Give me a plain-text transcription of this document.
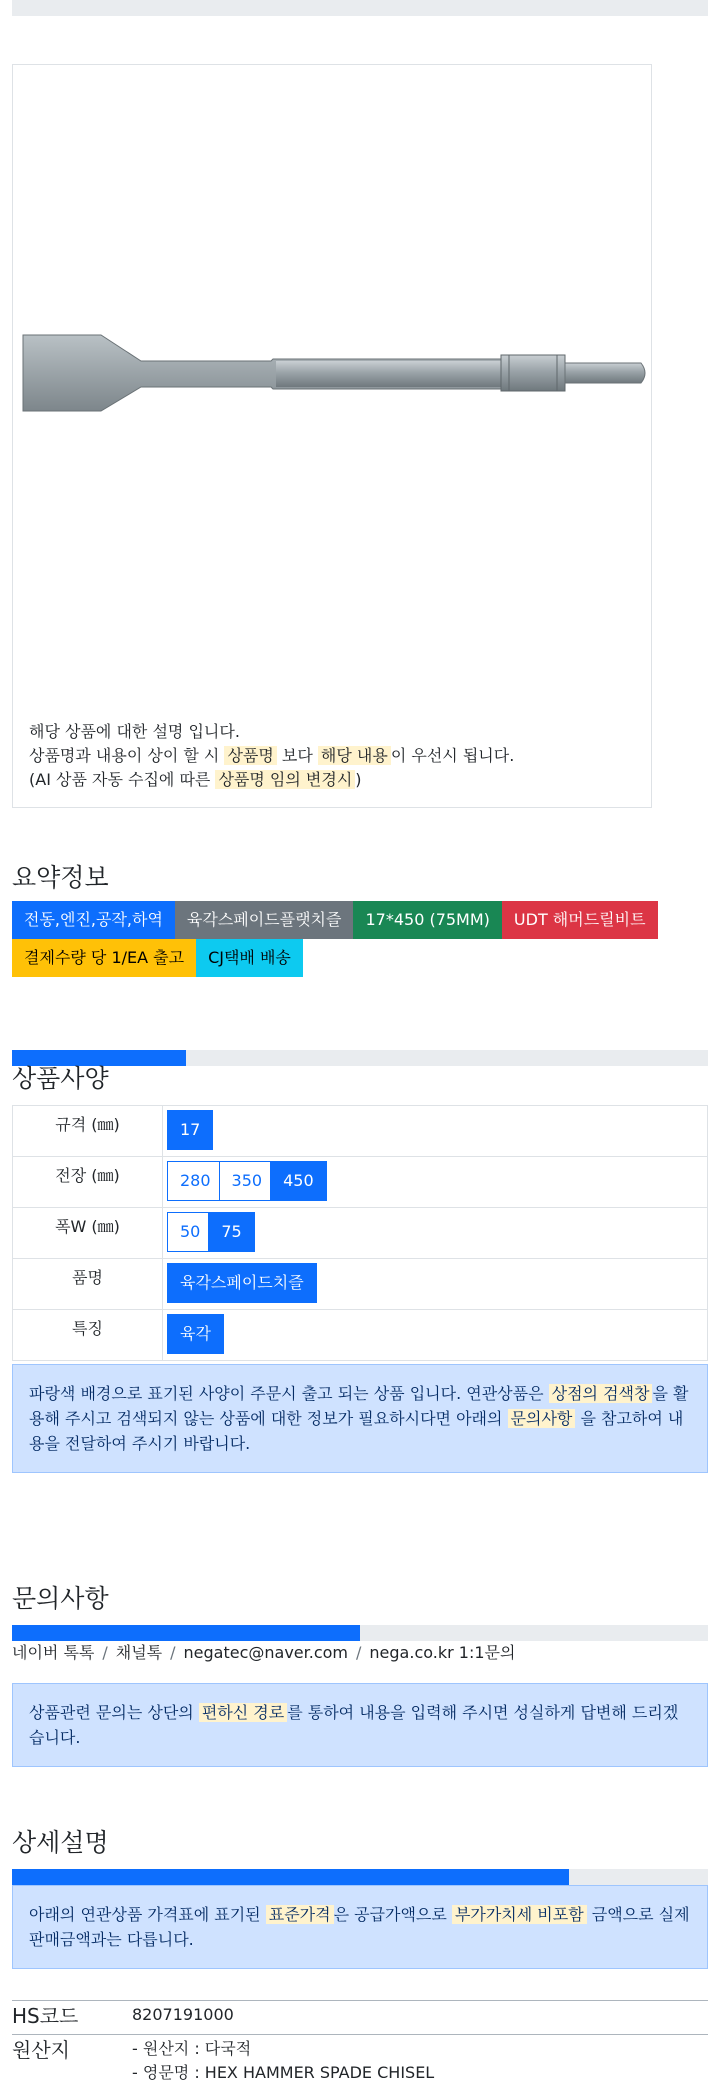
해당 상품에 대한 설명 입니다.
상품명과 내용이 상이 할 시 상품명 보다 해당 내용 이 우선시 됩니다.
(AI 상품 자동 수집에 따른 상품명 임의 변경시 )
요약정보
전동,엔진,공작,하역	육각스페이드플랫치즐	17*450 (75MM)	UDT 해머드릴비트
결제수량 당 1/EA 출고	CJ택배 배송
상품사양
규격 (㎜)	17
전장 (㎜)	280 350 450
폭W (㎜)	50 75
품명	육각스페이드치즐
특징	육각
파랑색 배경으로 표기된 사양이 주문시 출고 되는 상품 입니다. 연관상품은 상점의 검색창 을 활용해 주시고 검색되지 않는 상품에 대한 정보가 필요하시다면 아래의 문의사항 을 참고하여 내용을 전달하여 주시기 바랍니다.
문의사항
네이버 톡톡 / 채널톡 / negatec@naver.com / nega.co.kr 1:1문의
상품관련 문의는 상단의 편하신 경로 를 통하여 내용을 입력해 주시면 성실하게 답변해 드리겠습니다.
상세설명
아래의 연관상품 가격표에 표기된 표준가격 은 공급가액으로 부가가치세 비포함 금액으로 실제 판매금액과는 다릅니다.
HS코드	8207191000
원산지	- 원산지 : 다국적
- 영문명 : HEX HAMMER SPADE CHISEL
